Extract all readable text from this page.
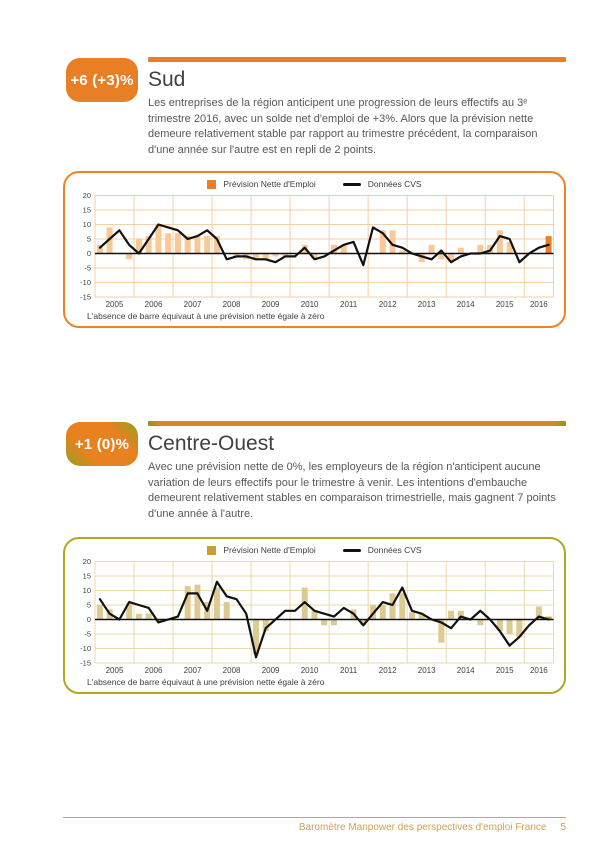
+6 (+3)% Sud
Les entreprises de la région anticipent une progression de leurs effectifs au 3ᵉ trimestre 2016, avec un solde net d'emploi de +3%. Alors que la prévision nette demeure relativement stable par rapport au trimestre précédent, la comparaison d'une année sur l'autre est en repli de 2 points.
Prévision Nette d'Emploi	Données CVS
20
15
10
5
0
-5
-10
-15
2005	2006	2007	2008	2009	2010	2011	2012	2013	2014	2015 2016
L'absence de barre équivaut à une prévision nette égale à zéro
+1 (0)% Centre-Ouest
Avec une prévision nette de 0%, les employeurs de la région n'anticipent aucune variation de leurs effectifs pour le trimestre à venir. Les intentions d'embauche demeurent relativement stables en comparaison trimestrielle, mais gagnent 7 points d'une année à l'autre.
Prévision Nette d'Emploi	Données CVS
20
15
10
5
0
-5
-10
-15
2005	2006	2007	2008	2009	2010	2011	2012	2013	2014	2015 2016
L'absence de barre équivaut à une prévision nette égale à zéro
Baromètre Manpower des perspectives d'emploi France 5
